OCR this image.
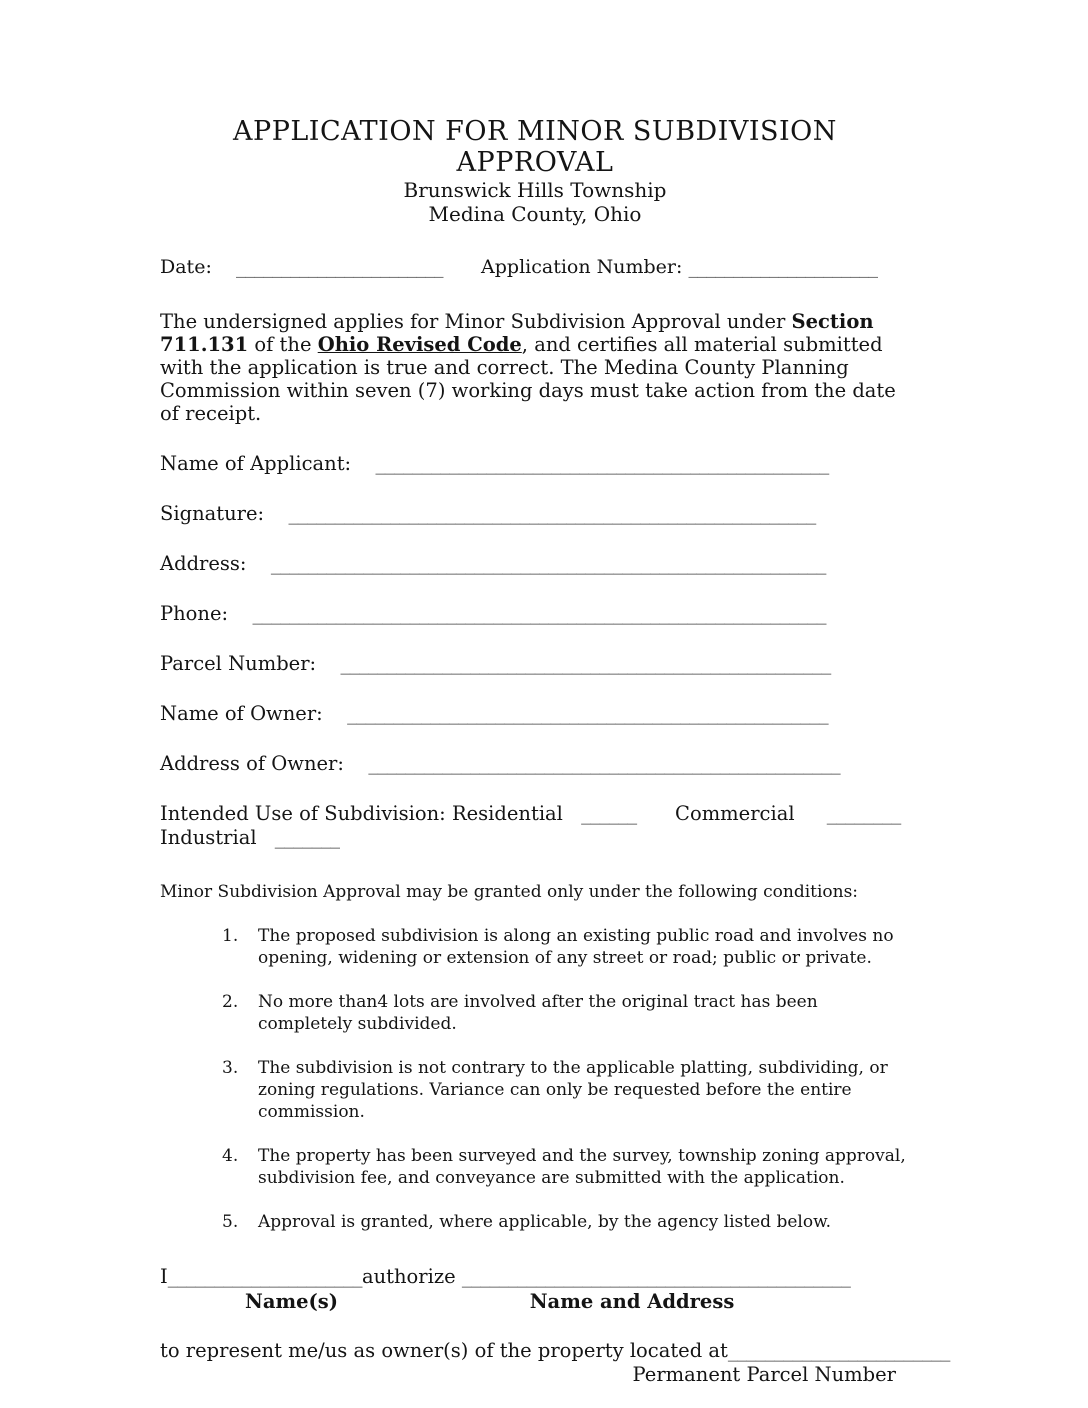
APPLICATION FOR MINOR SUBDIVISION APPROVAL
Brunswick Hills Township
Medina County, Ohio
Date: _______________________ Application Number: _____________________

The undersigned applies for Minor Subdivision Approval under Section 711.131 of the Ohio Revised Code, and certifies all material submitted with the application is true and correct. The Medina County Planning Commission within seven (7) working days must take action from the date of receipt.

Name of Applicant: _________________________________________________
Signature: _________________________________________________________
Address: ____________________________________________________________
Phone: ______________________________________________________________
Parcel Number: _____________________________________________________
Name of Owner: ____________________________________________________
Address of Owner: ___________________________________________________
Intended Use of Subdivision: Residential ______ Commercial ________
Industrial _______
Minor Subdivision Approval may be granted only under the following conditions:
1.	The proposed subdivision is along an existing public road and involves no opening, widening or extension of any street or road; public or private.
2.	No more than4 lots are involved after the original tract has been completely subdivided.
3.	The subdivision is not contrary to the applicable platting, subdividing, or zoning regulations. Variance can only be requested before the entire commission.
4.	The property has been surveyed and the survey, township zoning approval, subdivision fee, and conveyance are submitted with the application.
5.	Approval is granted, where applicable, by the agency listed below.
I_____________________authorize __________________________________________
Name(s)	Name and Address
to represent me/us as owner(s) of the property located at________________________
Permanent Parcel Number
